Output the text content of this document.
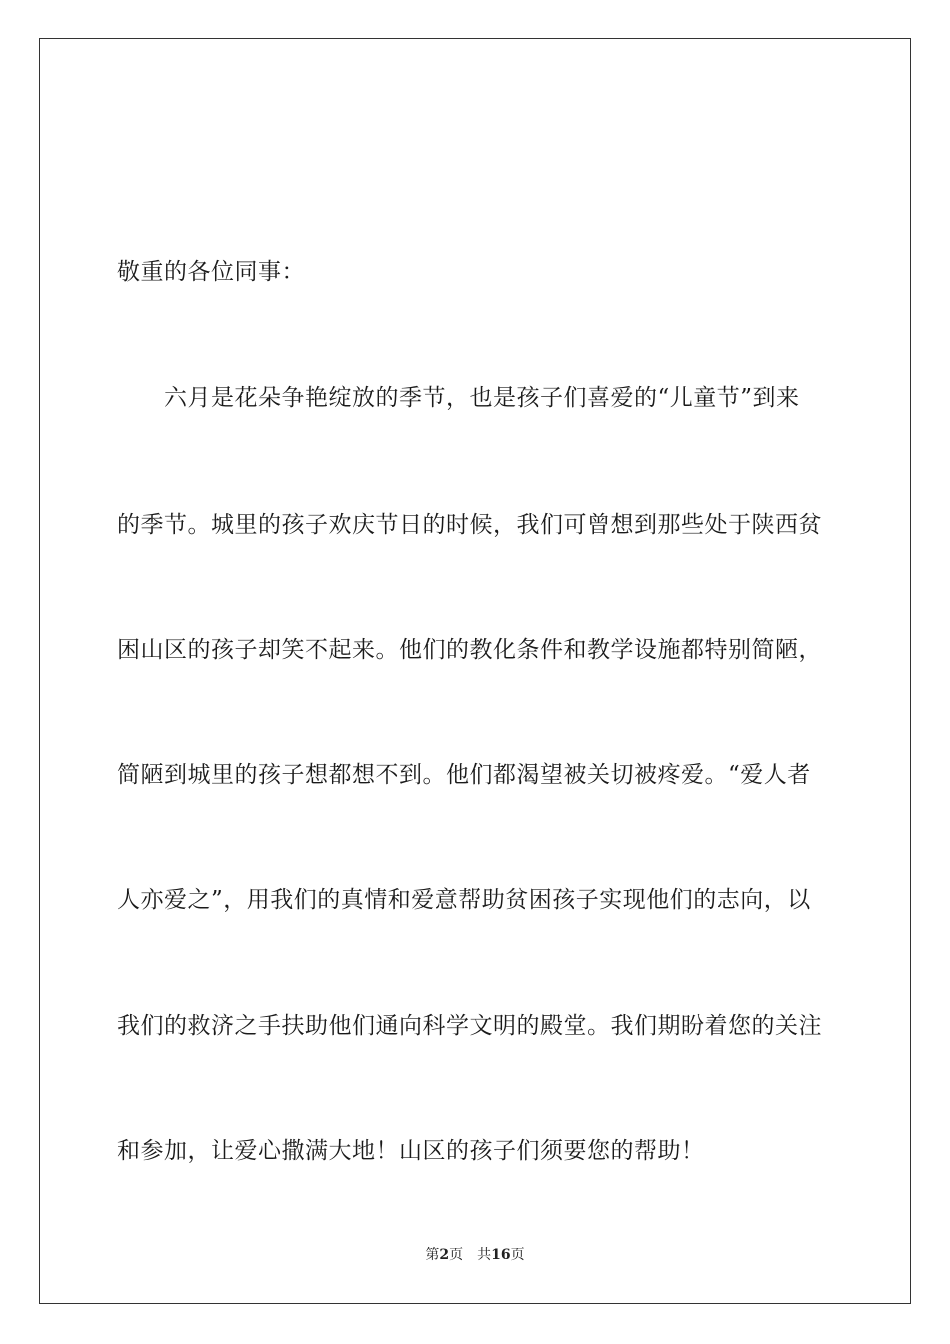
敬重的各位同事：
　　六月是花朵争艳绽放的季节，也是孩子们喜爱的“儿童节”到来
的季节。城里的孩子欢庆节日的时候，我们可曾想到那些处于陕西贫
困山区的孩子却笑不起来。他们的教化条件和教学设施都特别简陋，
简陋到城里的孩子想都想不到。他们都渴望被关切被疼爱。“爱人者
人亦爱之”，用我们的真情和爱意帮助贫困孩子实现他们的志向，以
我们的救济之手扶助他们通向科学文明的殿堂。我们期盼着您的关注
和参加，让爱心撒满大地！山区的孩子们须要您的帮助！
第2页 共16页
